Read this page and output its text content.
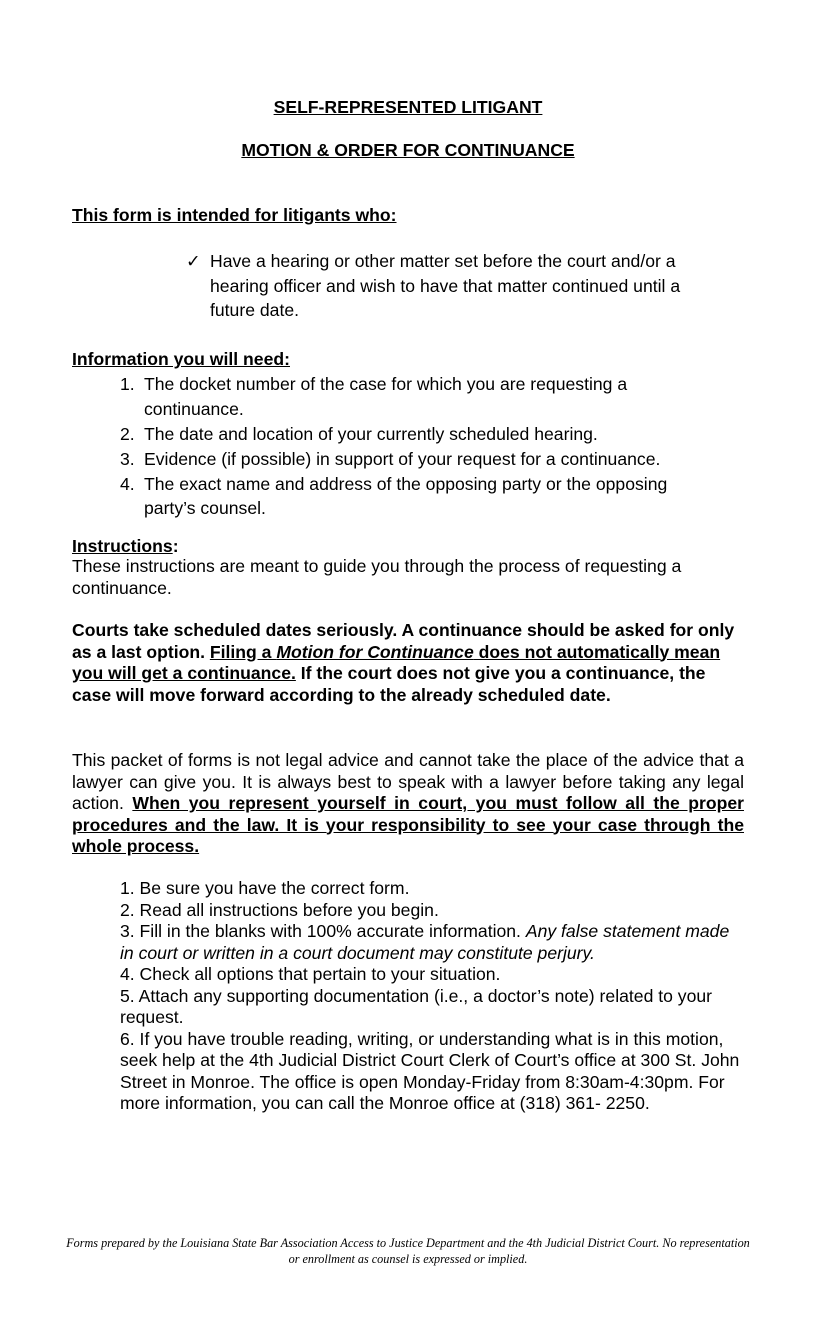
SELF-REPRESENTED LITIGANT
MOTION & ORDER FOR CONTINUANCE
This form is intended for litigants who:
✓ Have a hearing or other matter set before the court and/or a hearing officer and wish to have that matter continued until a future date.
Information you will need:
1. The docket number of the case for which you are requesting a continuance.
2. The date and location of your currently scheduled hearing.
3. Evidence (if possible) in support of your request for a continuance.
4. The exact name and address of the opposing party or the opposing party’s counsel.
Instructions:
These instructions are meant to guide you through the process of requesting a continuance.
Courts take scheduled dates seriously. A continuance should be asked for only as a last option. Filing a Motion for Continuance does not automatically mean you will get a continuance. If the court does not give you a continuance, the case will move forward according to the already scheduled date.
This packet of forms is not legal advice and cannot take the place of the advice that a lawyer can give you. It is always best to speak with a lawyer before taking any legal action. When you represent yourself in court, you must follow all the proper procedures and the law. It is your responsibility to see your case through the whole process.
1. Be sure you have the correct form.
2. Read all instructions before you begin.
3. Fill in the blanks with 100% accurate information. Any false statement made in court or written in a court document may constitute perjury.
4. Check all options that pertain to your situation.
5. Attach any supporting documentation (i.e., a doctor’s note) related to your request.
6. If you have trouble reading, writing, or understanding what is in this motion, seek help at the 4th Judicial District Court Clerk of Court’s office at 300 St. John Street in Monroe. The office is open Monday-Friday from 8:30am-4:30pm. For more information, you can call the Monroe office at (318) 361- 2250.
Forms prepared by the Louisiana State Bar Association Access to Justice Department and the 4th Judicial District Court. No representation or enrollment as counsel is expressed or implied.
